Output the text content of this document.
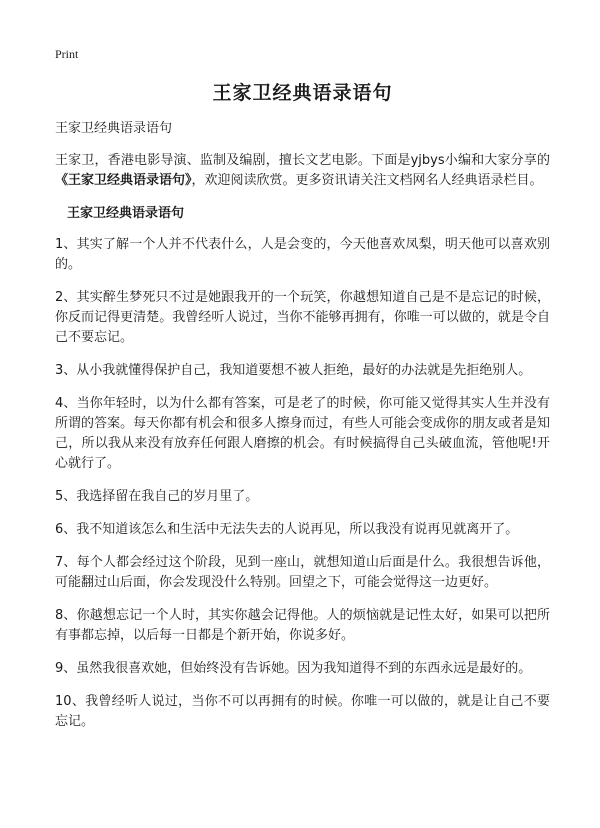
Print
王家卫经典语录语句

王家卫经典语录语句

王家卫，香港电影导演、监制及编剧，擅长文艺电影。下面是yjbys小编和大家分享的《王家卫经典语录语句》，欢迎阅读欣赏。更多资讯请关注文档网名人经典语录栏目。

王家卫经典语录语句

1、其实了解一个人并不代表什么，人是会变的，今天他喜欢凤梨，明天他可以喜欢别的。
2、其实醉生梦死只不过是她跟我开的一个玩笑，你越想知道自己是不是忘记的时候，你反而记得更清楚。我曾经听人说过，当你不能够再拥有，你唯一可以做的，就是令自己不要忘记。
3、从小我就懂得保护自己，我知道要想不被人拒绝，最好的办法就是先拒绝别人。
4、当你年轻时，以为什么都有答案，可是老了的时候，你可能又觉得其实人生并没有所谓的答案。每天你都有机会和很多人擦身而过，有些人可能会变成你的朋友或者是知己，所以我从来没有放弃任何跟人磨擦的机会。有时候搞得自己头破血流，管他呢!开心就行了。
5、我选择留在我自己的岁月里了。
6、我不知道该怎么和生活中无法失去的人说再见，所以我没有说再见就离开了。
7、每个人都会经过这个阶段，见到一座山，就想知道山后面是什么。我很想告诉他，可能翻过山后面，你会发现没什么特别。回望之下，可能会觉得这一边更好。
8、你越想忘记一个人时，其实你越会记得他。人的烦恼就是记性太好，如果可以把所有事都忘掉，以后每一日都是个新开始，你说多好。
9、虽然我很喜欢她，但始终没有告诉她。因为我知道得不到的东西永远是最好的。
10、我曾经听人说过，当你不可以再拥有的时候。你唯一可以做的，就是让自己不要忘记。
